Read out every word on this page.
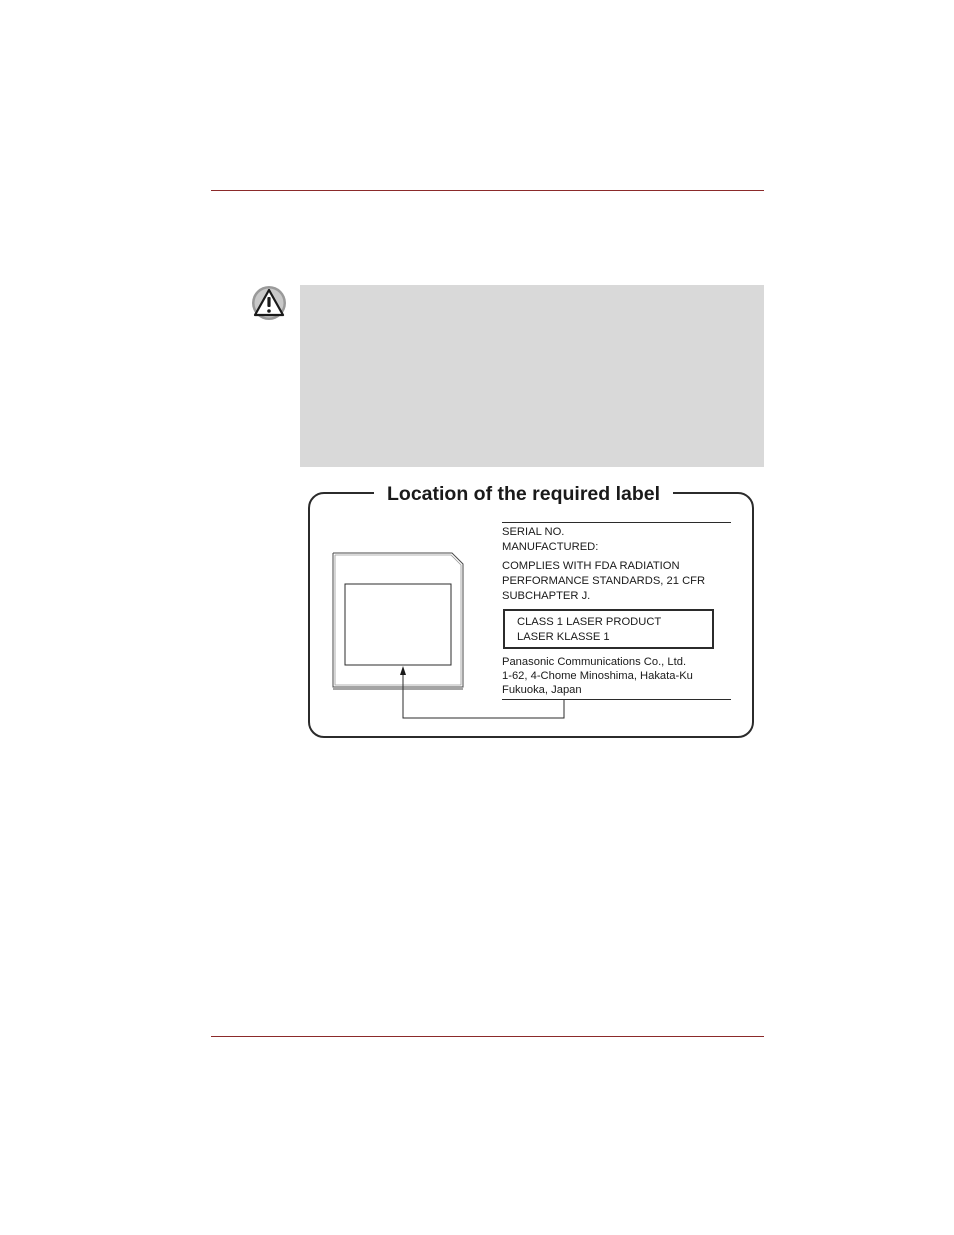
Location of the required label
SERIAL NO.
MANUFACTURED:
COMPLIES WITH FDA RADIATION
PERFORMANCE STANDARDS, 21 CFR
SUBCHAPTER J.
CLASS 1 LASER PRODUCT
LASER KLASSE 1
Panasonic Communications Co., Ltd.
1-62, 4-Chome Minoshima, Hakata-Ku
Fukuoka, Japan
